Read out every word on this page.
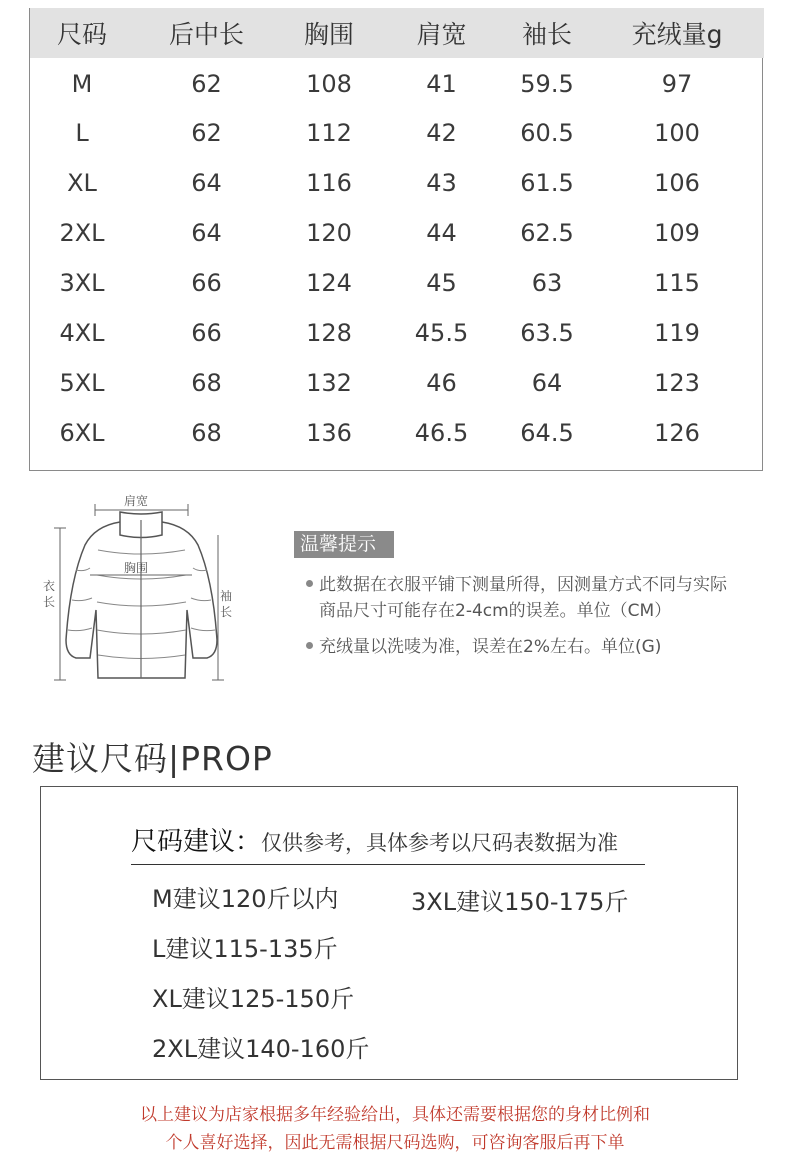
尺码	后中长	胸围	肩宽	袖长	充绒量g
M	62	108	41	59.5	97
L	62	112	42	60.5	100
XL	64	116	43	61.5	106
2XL	64	120	44	62.5	109
3XL	66	124	45	63	115
4XL	66	128	45.5	63.5	119
5XL	68	132	46	64	123
6XL	68	136	46.5	64.5	126
肩宽
胸围
衣
长	袖
长
温馨提示
此数据在衣服平铺下测量所得，因测量方式不同与实际
商品尺寸可能存在2-4cm的误差。单位（CM）
充绒量以洗唛为准，误差在2%左右。单位(G)
建议尺码|PROP
尺码建议：仅供参考，具体参考以尺码表数据为准
M建议120斤以内
L建议115-135斤
XL建议125-150斤
2XL建议140-160斤
3XL建议150-175斤
以上建议为店家根据多年经验给出，具体还需要根据您的身材比例和
个人喜好选择，因此无需根据尺码选购，可咨询客服后再下单
